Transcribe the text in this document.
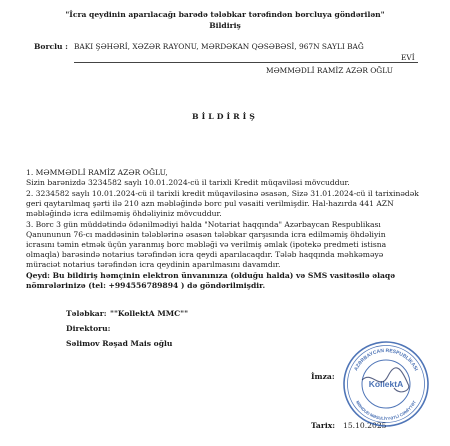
"İcra qeydinin aparılacağı barədə tələbkar tərəfindən borcluya göndərilən"
Bildiriş
Borclu : BAKI ŞƏHƏRİ, XƏZƏR RAYONU, MƏRDƏKAN QƏSƏBƏSİ, 967N SAYLI BAĞ
EVİ
MƏMMƏDLİ RAMİZ AZƏR OĞLU
BİLDİRİŞ
1. MƏMMƏDLİ RAMİZ AZƏR OĞLU,
Sizin barənizdə 3234582 saylı 10.01.2024-cü il tarixli Kredit müqaviləsi mövcuddur.
2. 3234582 saylı 10.01.2024-cü il tarixli kredit müqaviləsinə əsasən, Sizə 31.01.2024-cü il tarixinədək
geri qaytarılmaq şərti ilə 210 azn məbləğində borc pul vəsaiti verilmişdir. Hal-hazırda 441 AZN
məbləğində icra edilməmiş öhdəliyiniz mövcuddur.
3. Borc 3 gün müddətində ödənilmədiyi halda "Notariat haqqında" Azərbaycan Respublikası
Qanununun 76-cı maddəsinin tələblərinə əsasən tələbkar qarşısında icra edilməmiş öhdəliyin
icrasını təmin etmək üçün yaranmış borc məbləği və verilmiş əmlak (ipotekə predmeti istisna
olmaqla) barəsində notarius tərəfindən icra qeydi aparılacaqdır. Tələb haqqında məhkəməyə
müraciət notarius tərəfindən icra qeydinin aparılmasını davamdır.
Qeyd: Bu bildiriş həmçinin elektron ünvanınıza (olduğu halda) və SMS vasitəsilə əlaqə
nömrələrinizə (tel: +994556789894 ) də göndərilmişdir.
Tələbkar: ""KollektA MMC""
Direktoru:
Səlimov Rəşad Mais oğlu
İmza:
Tarix: 15.10.2025
AZƏRBAYCAN RESPUBLİKASI
MƏHDUD MƏSULİYYƏTLİ CƏMİYYƏT
KollektA
